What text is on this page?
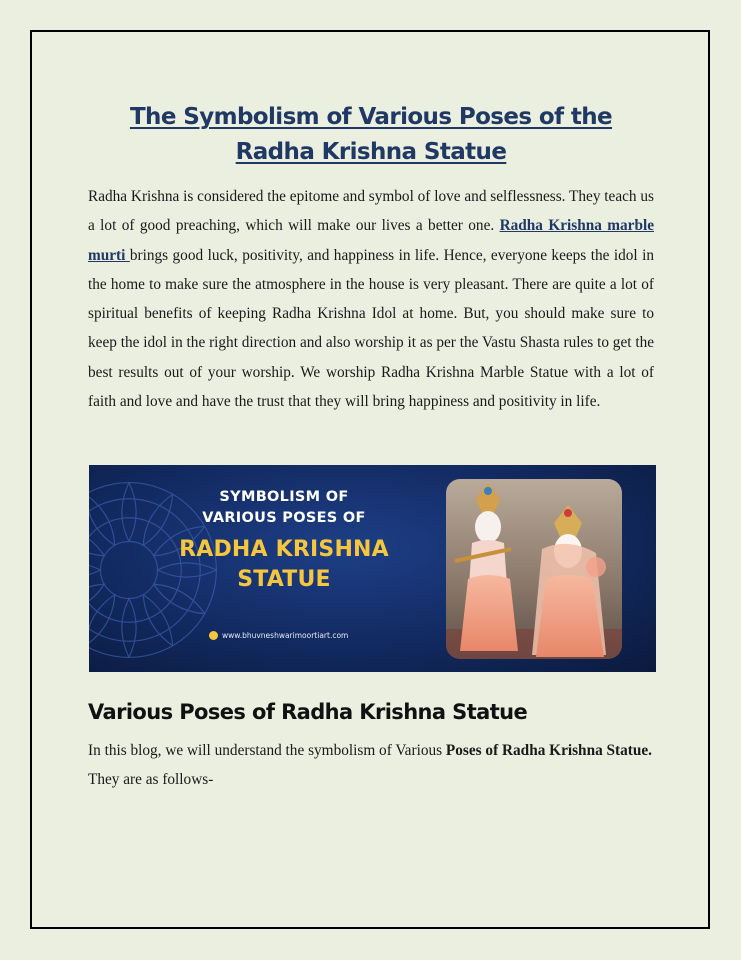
The Symbolism of Various Poses of the Radha Krishna Statue

Radha Krishna is considered the epitome and symbol of love and selflessness. They teach us a lot of good preaching, which will make our lives a better one. Radha Krishna marble murti brings good luck, positivity, and happiness in life. Hence, everyone keeps the idol in the home to make sure the atmosphere in the house is very pleasant. There are quite a lot of spiritual benefits of keeping Radha Krishna Idol at home. But, you should make sure to keep the idol in the right direction and also worship it as per the Vastu Shasta rules to get the best results out of your worship. We worship Radha Krishna Marble Statue with a lot of faith and love and have the trust that they will bring happiness and positivity in life.

SYMBOLISM OF
VARIOUS POSES OF
RADHA KRISHNA
STATUE
www.bhuvneshwarimoortiart.com
Various Poses of Radha Krishna Statue

In this blog, we will understand the symbolism of Various Poses of Radha Krishna Statue. They are as follows-
